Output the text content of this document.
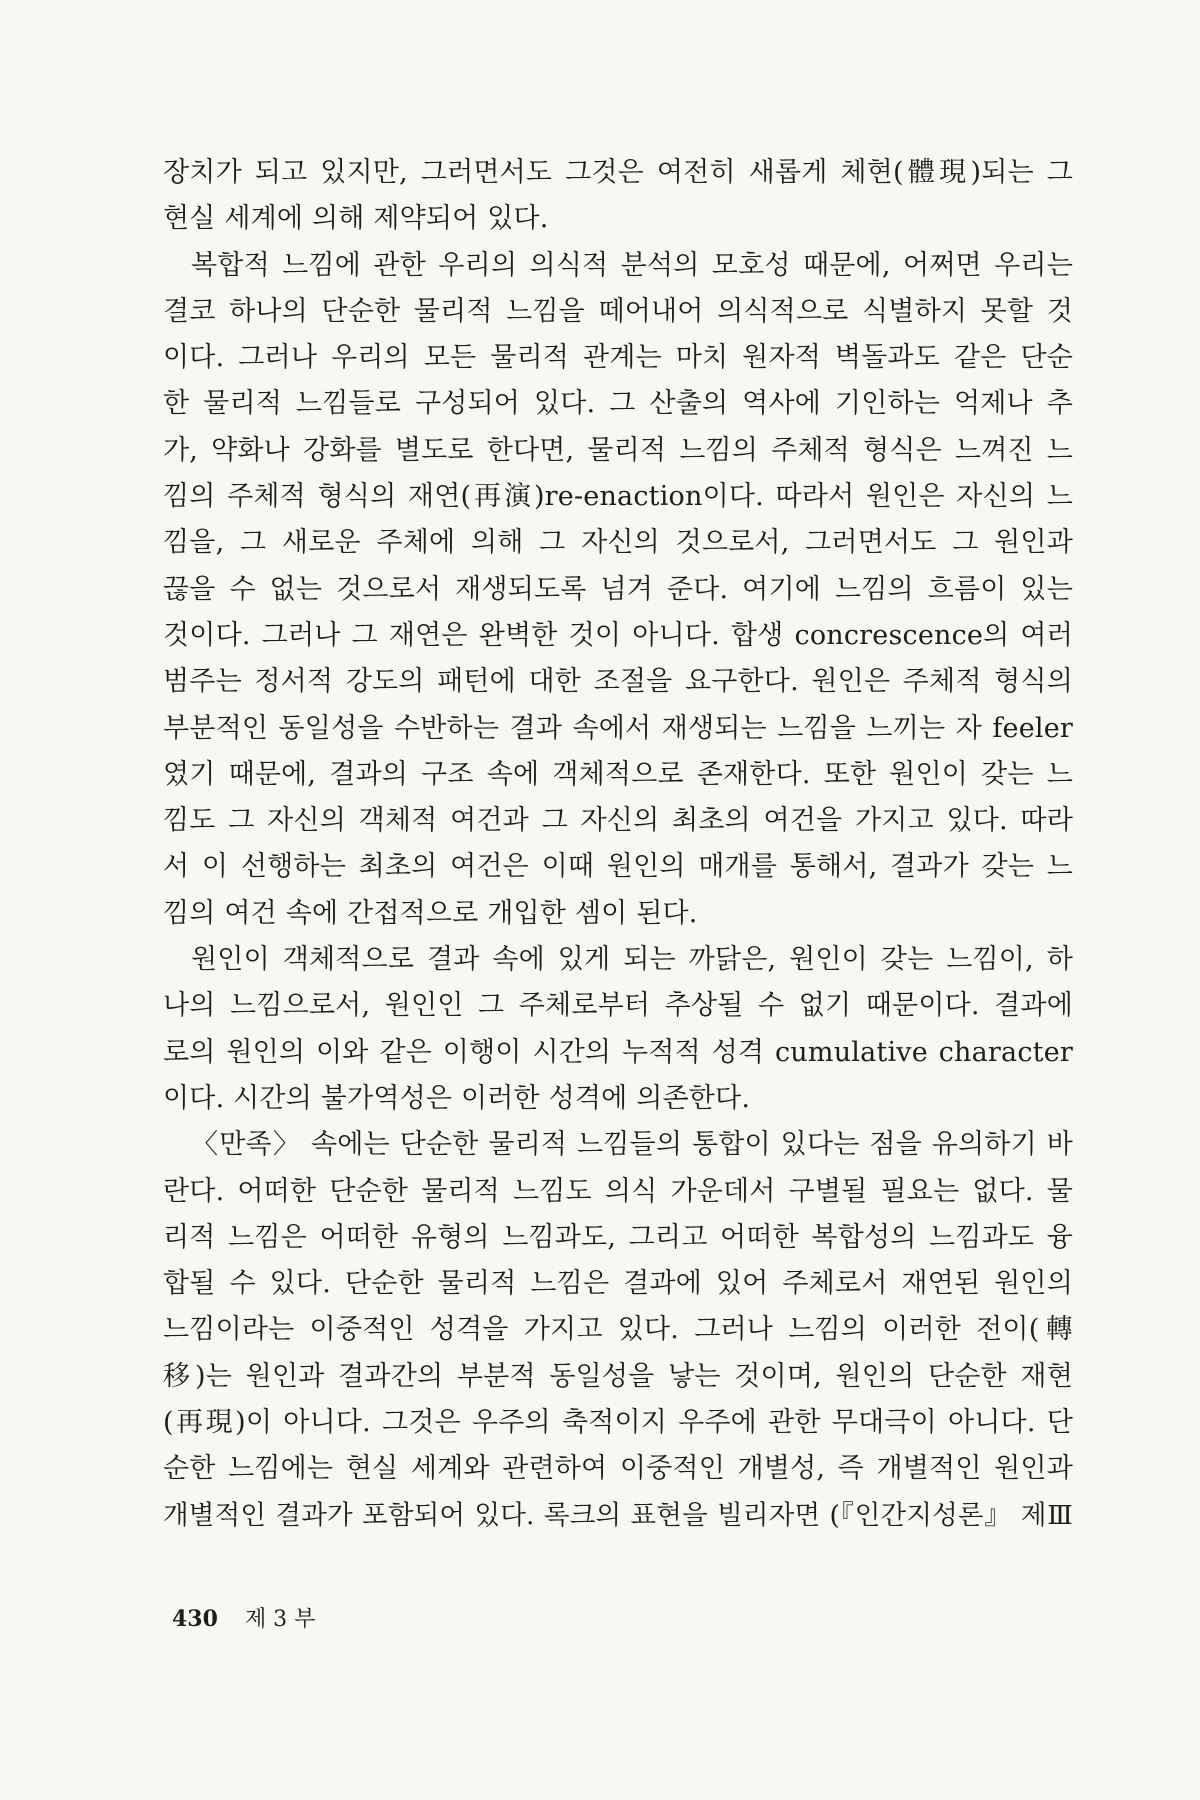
장치가 되고 있지만, 그러면서도 그것은 여전히 새롭게 체현(體現)되는 그
현실 세계에 의해 제약되어 있다.
복합적 느낌에 관한 우리의 의식적 분석의 모호성 때문에, 어쩌면 우리는
결코 하나의 단순한 물리적 느낌을 떼어내어 의식적으로 식별하지 못할 것
이다. 그러나 우리의 모든 물리적 관계는 마치 원자적 벽돌과도 같은 단순
한 물리적 느낌들로 구성되어 있다. 그 산출의 역사에 기인하는 억제나 추
가, 약화나 강화를 별도로 한다면, 물리적 느낌의 주체적 형식은 느껴진 느
낌의 주체적 형식의 재연(再演)re-enaction이다. 따라서 원인은 자신의 느
낌을, 그 새로운 주체에 의해 그 자신의 것으로서, 그러면서도 그 원인과
끊을 수 없는 것으로서 재생되도록 넘겨 준다. 여기에 느낌의 흐름이 있는
것이다. 그러나 그 재연은 완벽한 것이 아니다. 합생 concrescence의 여러
범주는 정서적 강도의 패턴에 대한 조절을 요구한다. 원인은 주체적 형식의
부분적인 동일성을 수반하는 결과 속에서 재생되는 느낌을 느끼는 자 feeler
였기 때문에, 결과의 구조 속에 객체적으로 존재한다. 또한 원인이 갖는 느
낌도 그 자신의 객체적 여건과 그 자신의 최초의 여건을 가지고 있다. 따라
서 이 선행하는 최초의 여건은 이때 원인의 매개를 통해서, 결과가 갖는 느
낌의 여건 속에 간접적으로 개입한 셈이 된다.
원인이 객체적으로 결과 속에 있게 되는 까닭은, 원인이 갖는 느낌이, 하
나의 느낌으로서, 원인인 그 주체로부터 추상될 수 없기 때문이다. 결과에
로의 원인의 이와 같은 이행이 시간의 누적적 성격 cumulative character
이다. 시간의 불가역성은 이러한 성격에 의존한다.
〈만족〉 속에는 단순한 물리적 느낌들의 통합이 있다는 점을 유의하기 바
란다. 어떠한 단순한 물리적 느낌도 의식 가운데서 구별될 필요는 없다. 물
리적 느낌은 어떠한 유형의 느낌과도, 그리고 어떠한 복합성의 느낌과도 융
합될 수 있다. 단순한 물리적 느낌은 결과에 있어 주체로서 재연된 원인의
느낌이라는 이중적인 성격을 가지고 있다. 그러나 느낌의 이러한 전이(轉
移)는 원인과 결과간의 부분적 동일성을 낳는 것이며, 원인의 단순한 재현
(再現)이 아니다. 그것은 우주의 축적이지 우주에 관한 무대극이 아니다. 단
순한 느낌에는 현실 세계와 관련하여 이중적인 개별성, 즉 개별적인 원인과
개별적인 결과가 포함되어 있다. 록크의 표현을 빌리자면 (『인간지성론』 제Ⅲ
430 제 3 부
